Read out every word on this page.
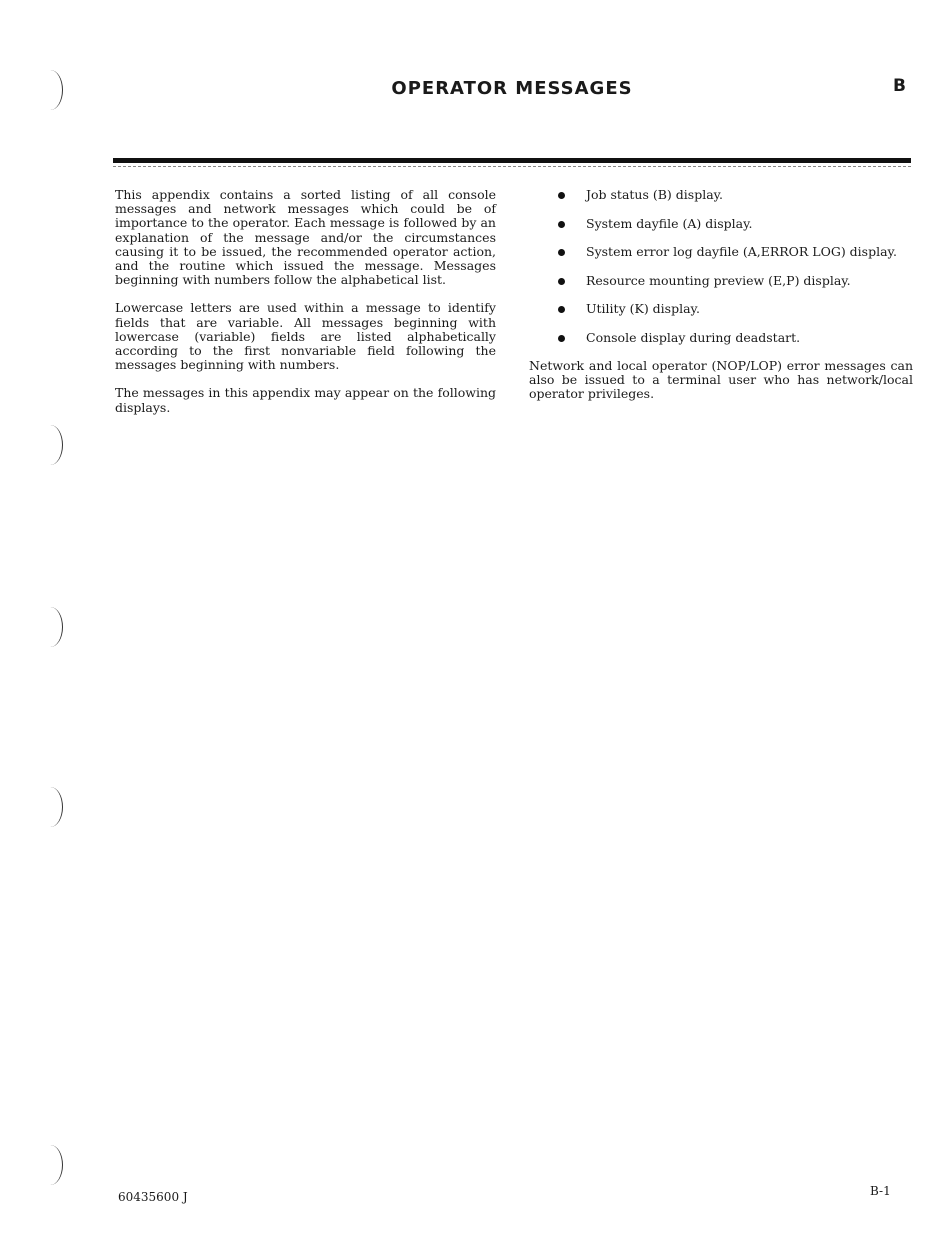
OPERATOR MESSAGES	B

This appendix contains a sorted listing of all console messages and network messages which could be of importance to the operator. Each message is followed by an explanation of the message and/or the circumstances causing it to be issued, the recommended operator action, and the routine which issued the message. Messages beginning with numbers follow the alphabetical list.

Lowercase letters are used within a message to identify fields that are variable. All messages beginning with lowercase (variable) fields are listed alphabetically according to the first nonvariable field following the messages beginning with numbers.

The messages in this appendix may appear on the following displays.

Job status (B) display.
System dayfile (A) display.
System error log dayfile (A,ERROR LOG) display.
Resource mounting preview (E,P) display.
Utility (K) display.
Console display during deadstart.

Network and local operator (NOP/LOP) error messages can also be issued to a terminal user who has network/local operator privileges.

60435600 J	B-1
